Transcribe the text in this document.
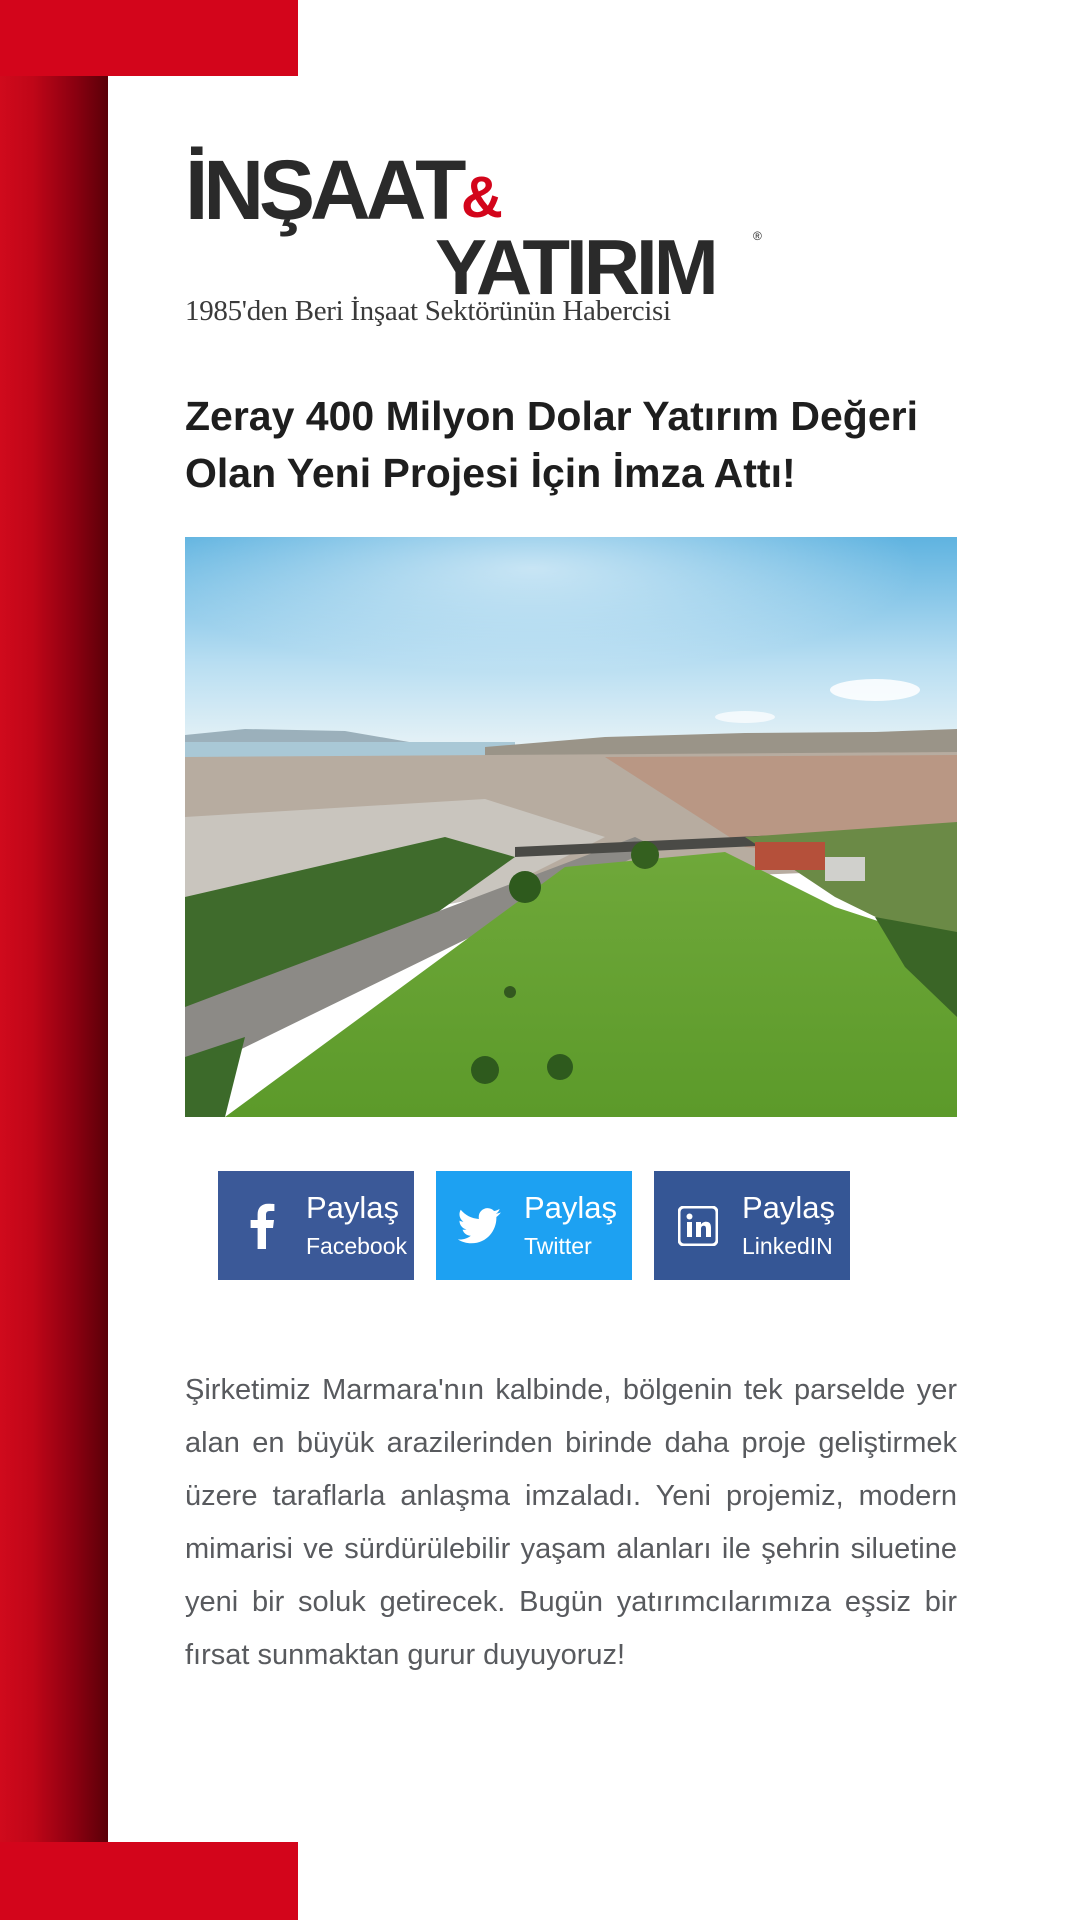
İNŞAAT &
YATIRIM	®
1985'den Beri İnşaat Sektörünün Habercisi
Zeray 400 Milyon Dolar Yatırım Değeri Olan Yeni Projesi İçin İmza Attı!
Paylaş
Facebook
Paylaş
Twitter
Paylaş
LinkedIN

Şirketimiz Marmara'nın kalbinde, bölgenin tek parselde yer alan en büyük arazilerinden birinde daha proje geliştirmek üzere taraflarla anlaşma imzaladı. Yeni projemiz, modern mimarisi ve sürdürülebilir yaşam alanları ile şehrin siluetine yeni bir soluk getirecek. Bugün yatırımcılarımıza eşsiz bir fırsat sunmaktan gurur duyuyoruz!
